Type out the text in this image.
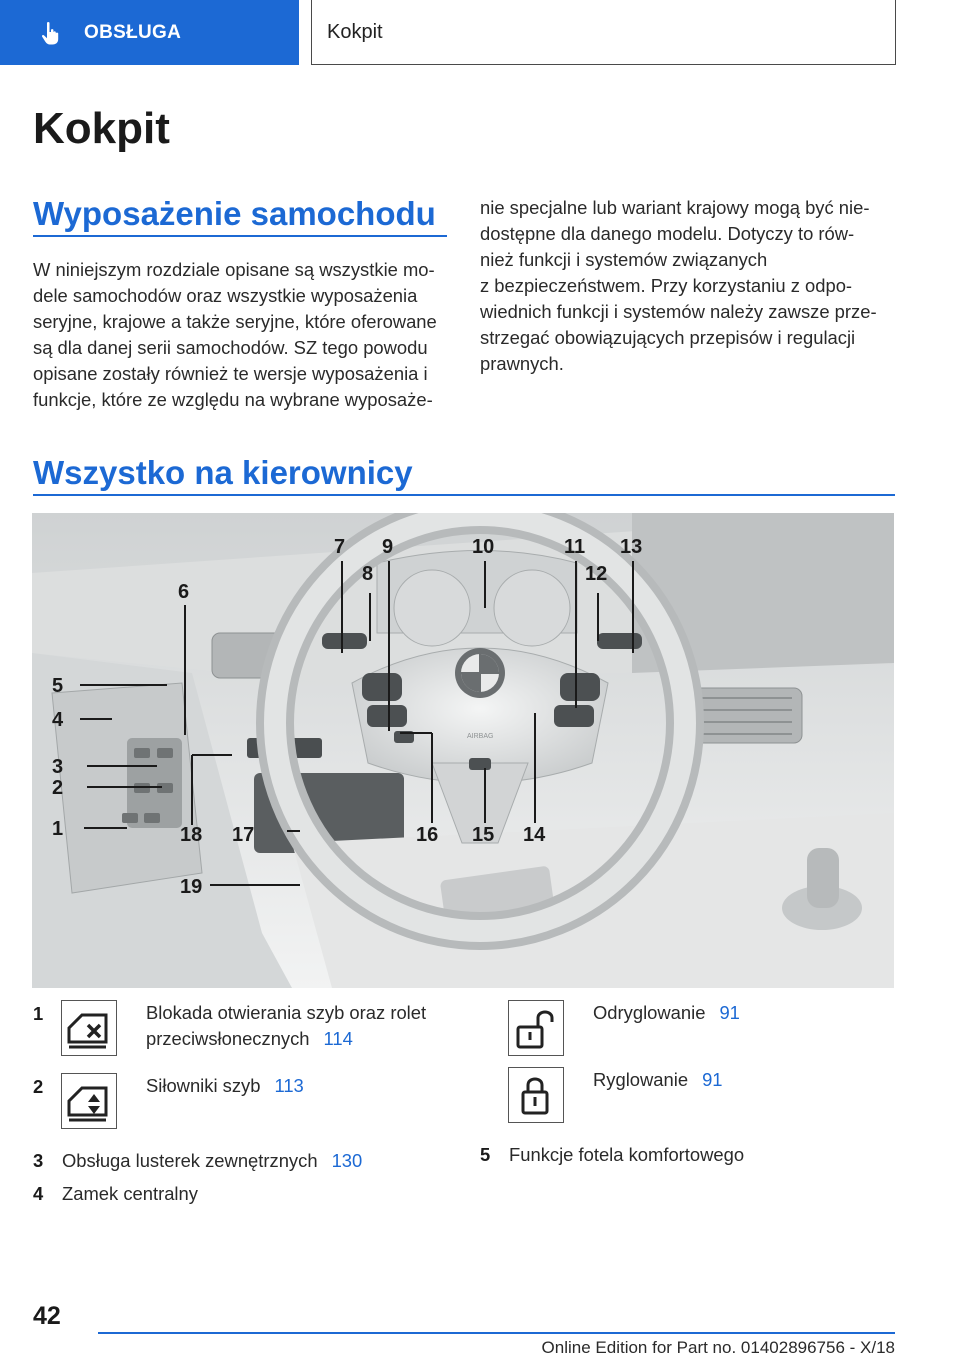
OBSŁUGA	Kokpit
Kokpit
Wyposażenie samochodu
W niniejszym rozdziale opisane są wszystkie mo‐
dele samochodów oraz wszystkie wyposażenia
seryjne, krajowe a także seryjne, które oferowane
są dla danej serii samochodów. SZ tego powodu
opisane zostały również te wersje wyposażenia i
funkcje, które ze względu na wybrane wyposaże‐
nie specjalne lub wariant krajowy mogą być nie‐
dostępne dla danego modelu. Dotyczy to rów‐
nież funkcji i systemów związanych
z bezpieczeństwem. Przy korzystaniu z odpo‐
wiednich funkcji i systemów należy zawsze prze‐
strzegać obowiązujących przepisów i regulacji
prawnych.
Wszystko na kierownicy
AIRBAG
7
8
9	10	11
12
13
6
5
4
3
2
1	18 17	16 15 14
19
1	Blokada otwierania szyb oraz rolet
przeciwsłonecznych 114
2	Siłowniki szyb 113
3 Obsługa lusterek zewnętrznych 130
4 Zamek centralny
Odryglowanie 91
Ryglowanie 91
5 Funkcje fotela komfortowego
42
Online Edition for Part no. 01402896756 - X/18
